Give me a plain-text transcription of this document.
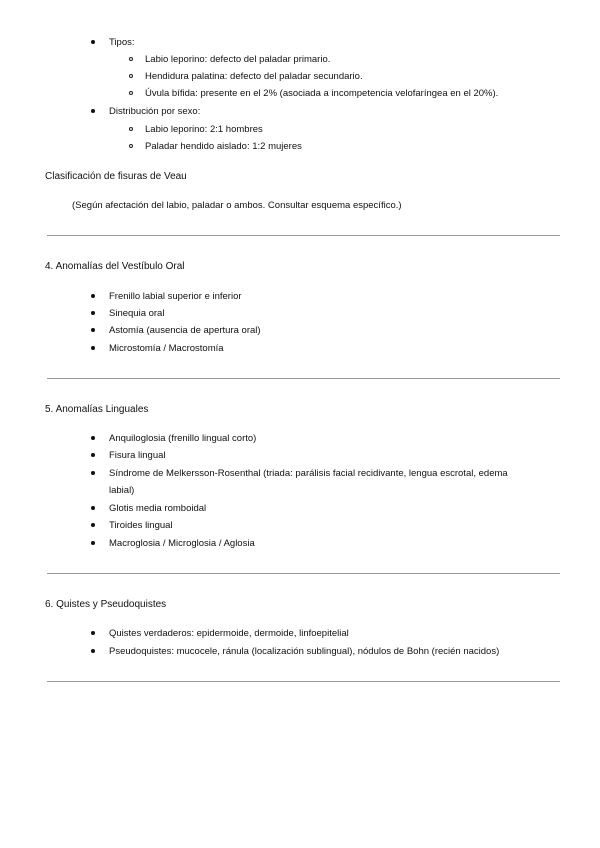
Tipos:
Labio leporino: defecto del paladar primario.
Hendidura palatina: defecto del paladar secundario.
Úvula bífida: presente en el 2% (asociada a incompetencia velofaríngea en el 20%).
Distribución por sexo:
Labio leporino: 2:1 hombres
Paladar hendido aislado: 1:2 mujeres
Clasificación de fisuras de Veau
(Según afectación del labio, paladar o ambos. Consultar esquema específico.)
4. Anomalías del Vestíbulo Oral
Frenillo labial superior e inferior
Sinequia oral
Astomía (ausencia de apertura oral)
Microstomía / Macrostomía
5. Anomalías Linguales
Anquiloglosia (frenillo lingual corto)
Fisura lingual
Síndrome de Melkersson-Rosenthal (triada: parálisis facial recidivante, lengua escrotal, edema
labial)
Glotis media romboidal
Tiroides lingual
Macroglosia / Microglosia / Aglosia
6. Quistes y Pseudoquistes
Quistes verdaderos: epidermoide, dermoide, linfoepitelial
Pseudoquistes: mucocele, ránula (localización sublingual), nódulos de Bohn (recién nacidos)
